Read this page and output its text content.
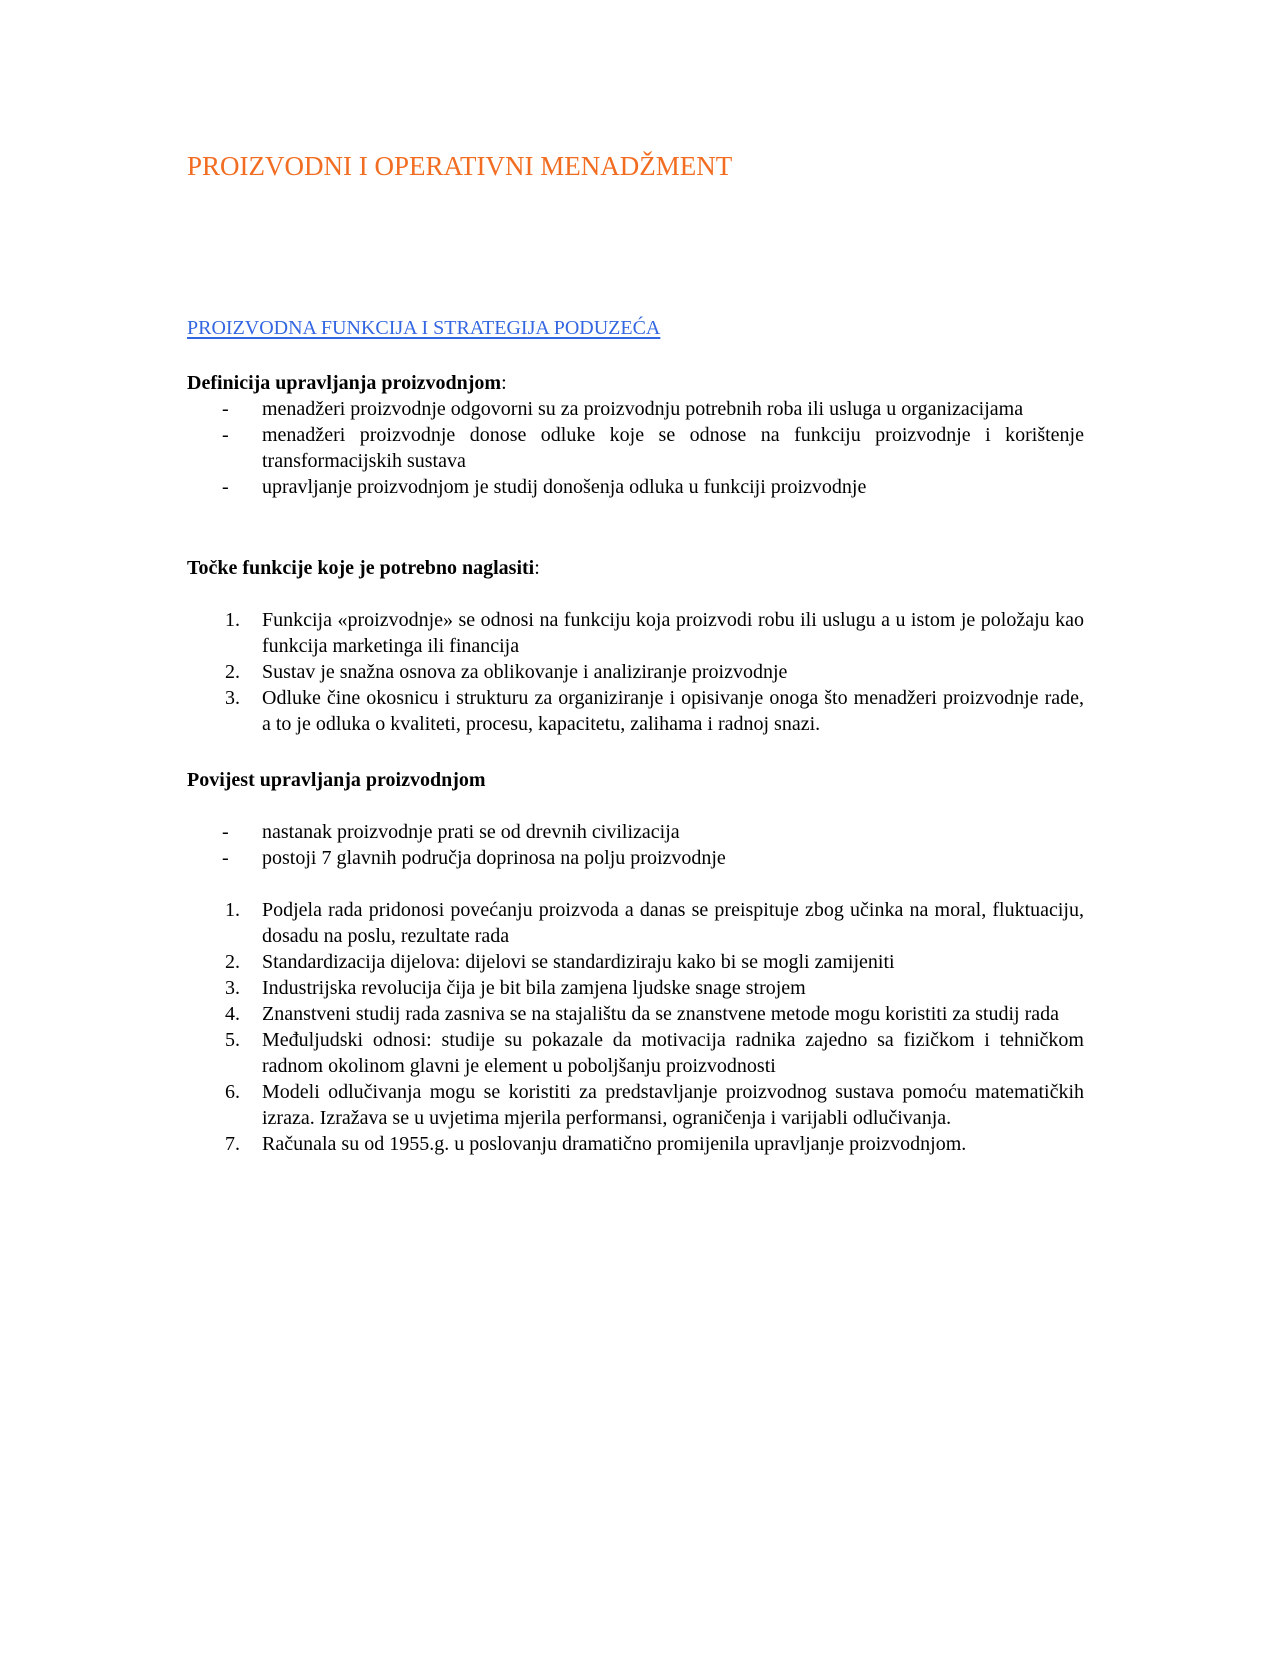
PROIZVODNI I OPERATIVNI MENADŽMENT
PROIZVODNA FUNKCIJA I STRATEGIJA PODUZEĆA

Definicija upravljanja proizvodnjom:

- menadžeri proizvodnje odgovorni su za proizvodnju potrebnih roba ili usluga u organizacijama
- menadžeri proizvodnje donose odluke koje se odnose na funkciju proizvodnje i korištenje transformacijskih sustava
- upravljanje proizvodnjom je studij donošenja odluka u funkciji proizvodnje

Točke funkcije koje je potrebno naglasiti:

1. Funkcija «proizvodnje» se odnosi na funkciju koja proizvodi robu ili uslugu a u istom je položaju kao funkcija marketinga ili financija
2. Sustav je snažna osnova za oblikovanje i analiziranje proizvodnje
3. Odluke čine okosnicu i strukturu za organiziranje i opisivanje onoga što menadžeri proizvodnje rade, a to je odluka o kvaliteti, procesu, kapacitetu, zalihama i radnoj snazi.

Povijest upravljanja proizvodnjom

- nastanak proizvodnje prati se od drevnih civilizacija
- postoji 7 glavnih područja doprinosa na polju proizvodnje
1. Podjela rada pridonosi povećanju proizvoda a danas se preispituje zbog učinka na moral, fluktuaciju, dosadu na poslu, rezultate rada
2. Standardizacija dijelova: dijelovi se standardiziraju kako bi se mogli zamijeniti
3. Industrijska revolucija čija je bit bila zamjena ljudske snage strojem
4. Znanstveni studij rada zasniva se na stajalištu da se znanstvene metode mogu koristiti za studij rada
5. Međuljudski odnosi: studije su pokazale da motivacija radnika zajedno sa fizičkom i tehničkom radnom okolinom glavni je element u poboljšanju proizvodnosti
6. Modeli odlučivanja mogu se koristiti za predstavljanje proizvodnog sustava pomoću matematičkih izraza. Izražava se u uvjetima mjerila performansi, ograničenja i varijabli odlučivanja.
7. Računala su od 1955.g. u poslovanju dramatično promijenila upravljanje proizvodnjom.
